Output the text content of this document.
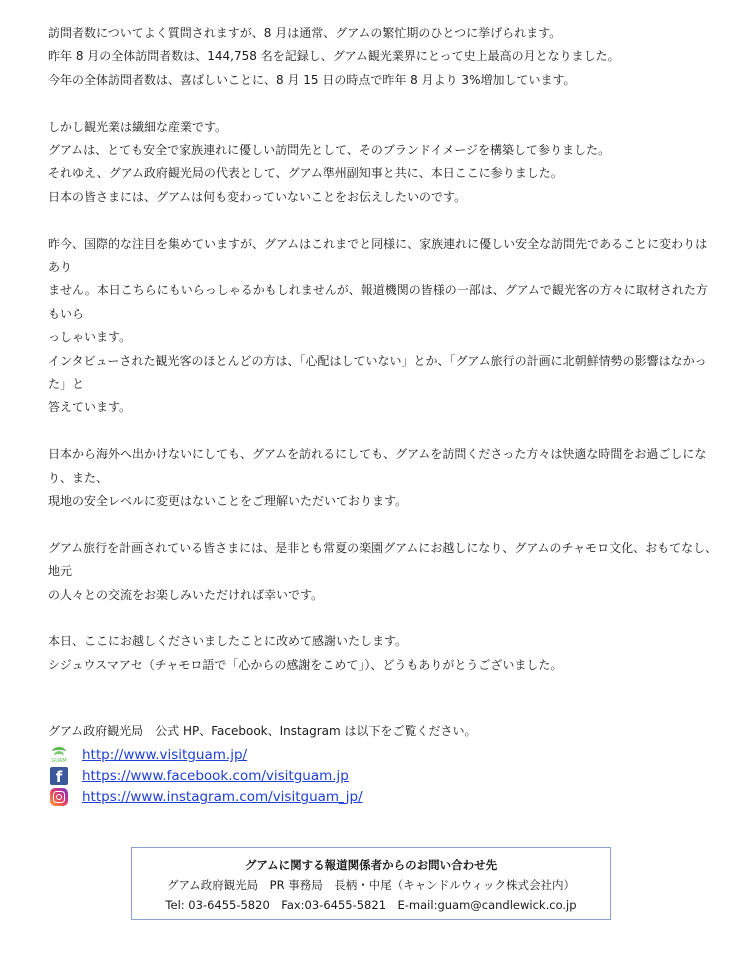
訪問者数についてよく質問されますが、8 月は通常、グアムの繁忙期のひとつに挙げられます。

昨年 8 月の全体訪問者数は、144,758 名を記録し、グアム観光業界にとって史上最高の月となりました。

今年の全体訪問者数は、喜ばしいことに、8 月 15 日の時点で昨年 8 月より 3%増加しています。

しかし観光業は繊細な産業です。

グアムは、とても安全で家族連れに優しい訪問先として、そのブランドイメージを構築して参りました。

それゆえ、グアム政府観光局の代表として、グアム準州副知事と共に、本日ここに参りました。

日本の皆さまには、グアムは何も変わっていないことをお伝えしたいのです。

昨今、国際的な注目を集めていますが、グアムはこれまでと同様に、家族連れに優しい安全な訪問先であることに変わりはあり

ません。本日こちらにもいらっしゃるかもしれませんが、報道機関の皆様の一部は、グアムで観光客の方々に取材された方もいら

っしゃいます。

インタビューされた観光客のほとんどの方は、「心配はしていない」とか、「グアム旅行の計画に北朝鮮情勢の影響はなかった」と

答えています。

日本から海外へ出かけないにしても、グアムを訪れるにしても、グアムを訪問くださった方々は快適な時間をお過ごしになり、また、

現地の安全レベルに変更はないことをご理解いただいております。

グアム旅行を計画されている皆さまには、是非とも常夏の楽園グアムにお越しになり、グアムのチャモロ文化、おもてなし、地元

の人々との交流をお楽しみいただければ幸いです。

本日、ここにお越しくださいましたことに改めて感謝いたします。

シジュウスマアセ（チャモロ語で「心からの感謝をこめて」）、どうもありがとうございました。

グアム政府観光局　公式 HP、Facebook、Instagram は以下をご覧ください。
GUAM http://www.visitguam.jp/
f	https://www.facebook.com/visitguam.jp
https://www.instagram.com/visitguam_jp/
グアムに関する報道関係者からのお問い合わせ先
グアム政府観光局　PR 事務局　長柄・中尾（キャンドルウィック株式会社内）
Tel: 03-6455-5820　Fax:03-6455-5821　E-mail:guam@candlewick.co.jp
